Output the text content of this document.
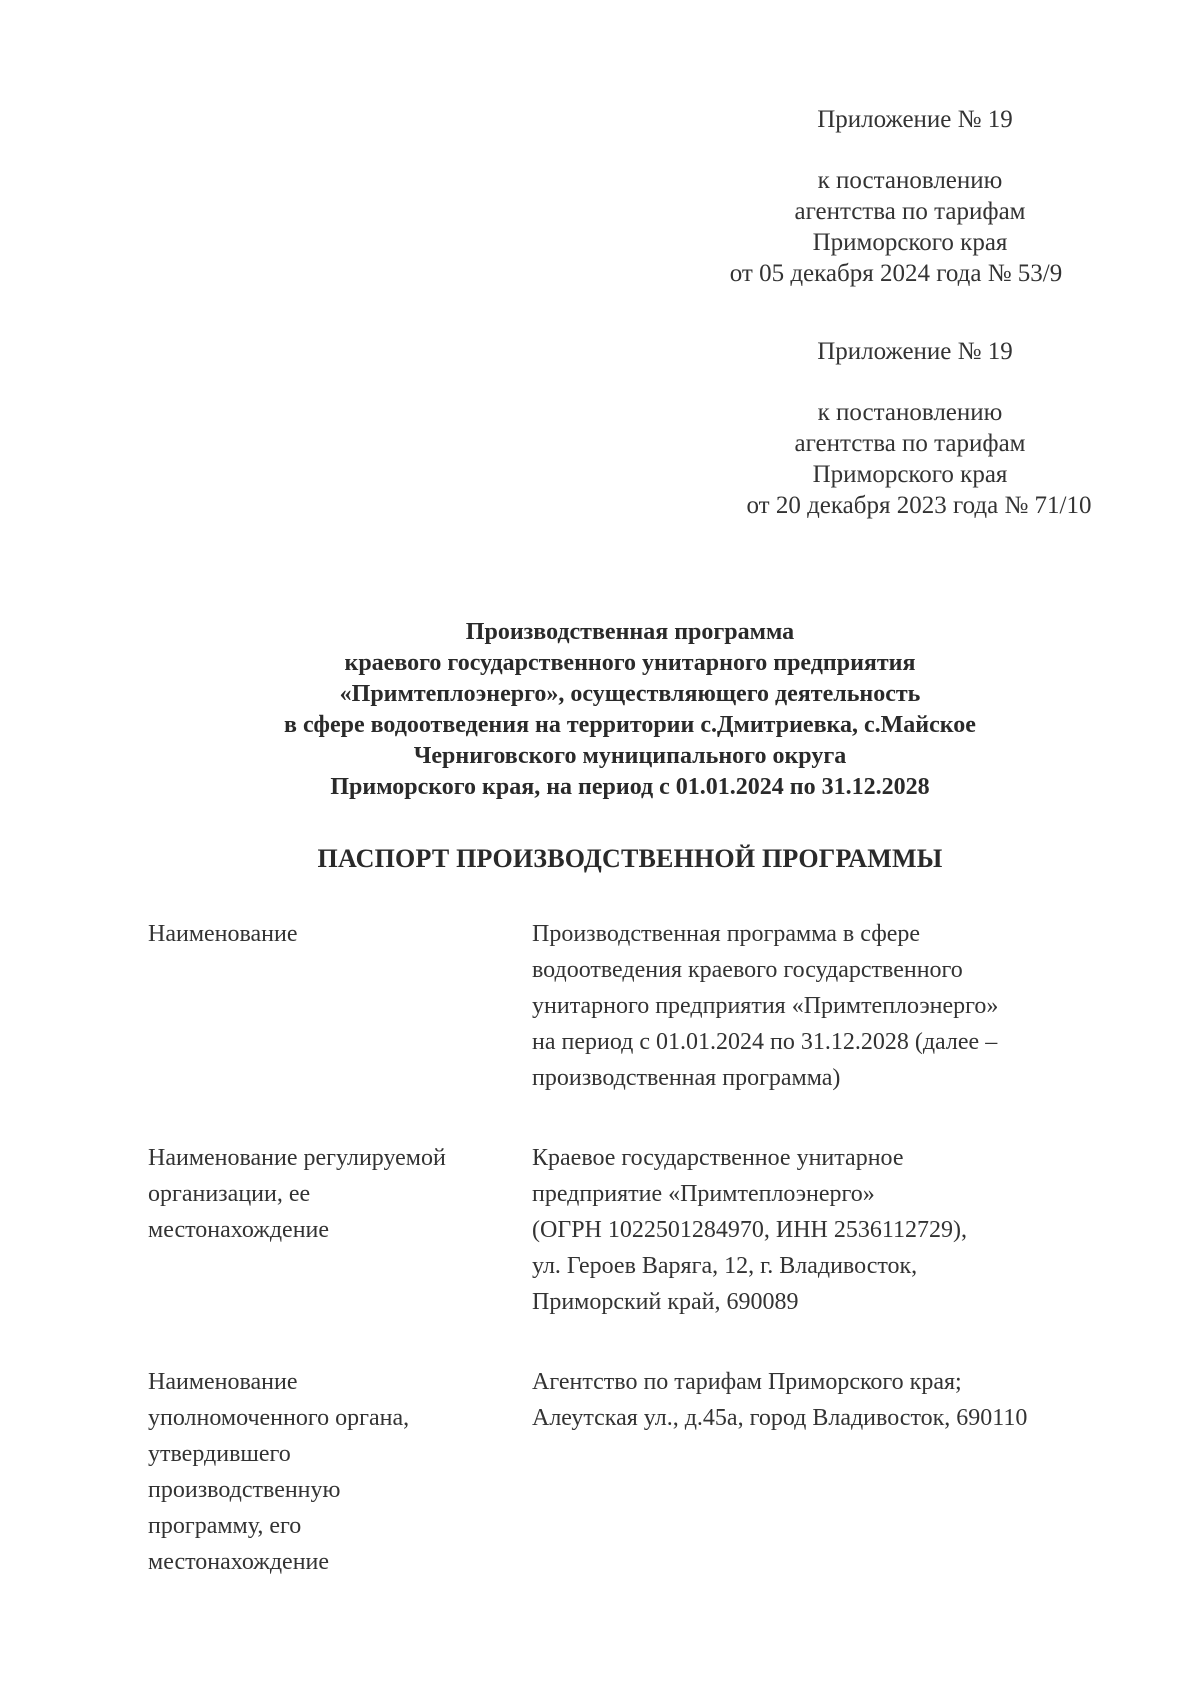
Приложение № 19
к постановлению
агентства по тарифам
Приморского края
от 05 декабря 2024 года № 53/9
Приложение № 19
к постановлению
агентства по тарифам
Приморского края
от 20 декабря 2023 года № 71/10
Производственная программа
краевого государственного унитарного предприятия
«Примтеплоэнерго», осуществляющего деятельность
в сфере водоотведения на территории с.Дмитриевка, с.Майское
Черниговского муниципального округа
Приморского края, на период с 01.01.2024 по 31.12.2028
ПАСПОРТ ПРОИЗВОДСТВЕННОЙ ПРОГРАММЫ
Наименование	Производственная программа в сфере
водоотведения краевого государственного
унитарного предприятия «Примтеплоэнерго»
на период с 01.01.2024 по 31.12.2028 (далее –
производственная программа)
Наименование регулируемой
организации, ее
местонахождение
Краевое государственное унитарное
предприятие «Примтеплоэнерго»
(ОГРН 1022501284970, ИНН 2536112729),
ул. Героев Варяга, 12, г. Владивосток,
Приморский край, 690089
Наименование
уполномоченного органа,
утвердившего
производственную
программу, его
местонахождение
Агентство по тарифам Приморского края;
Алеутская ул., д.45а, город Владивосток, 690110
